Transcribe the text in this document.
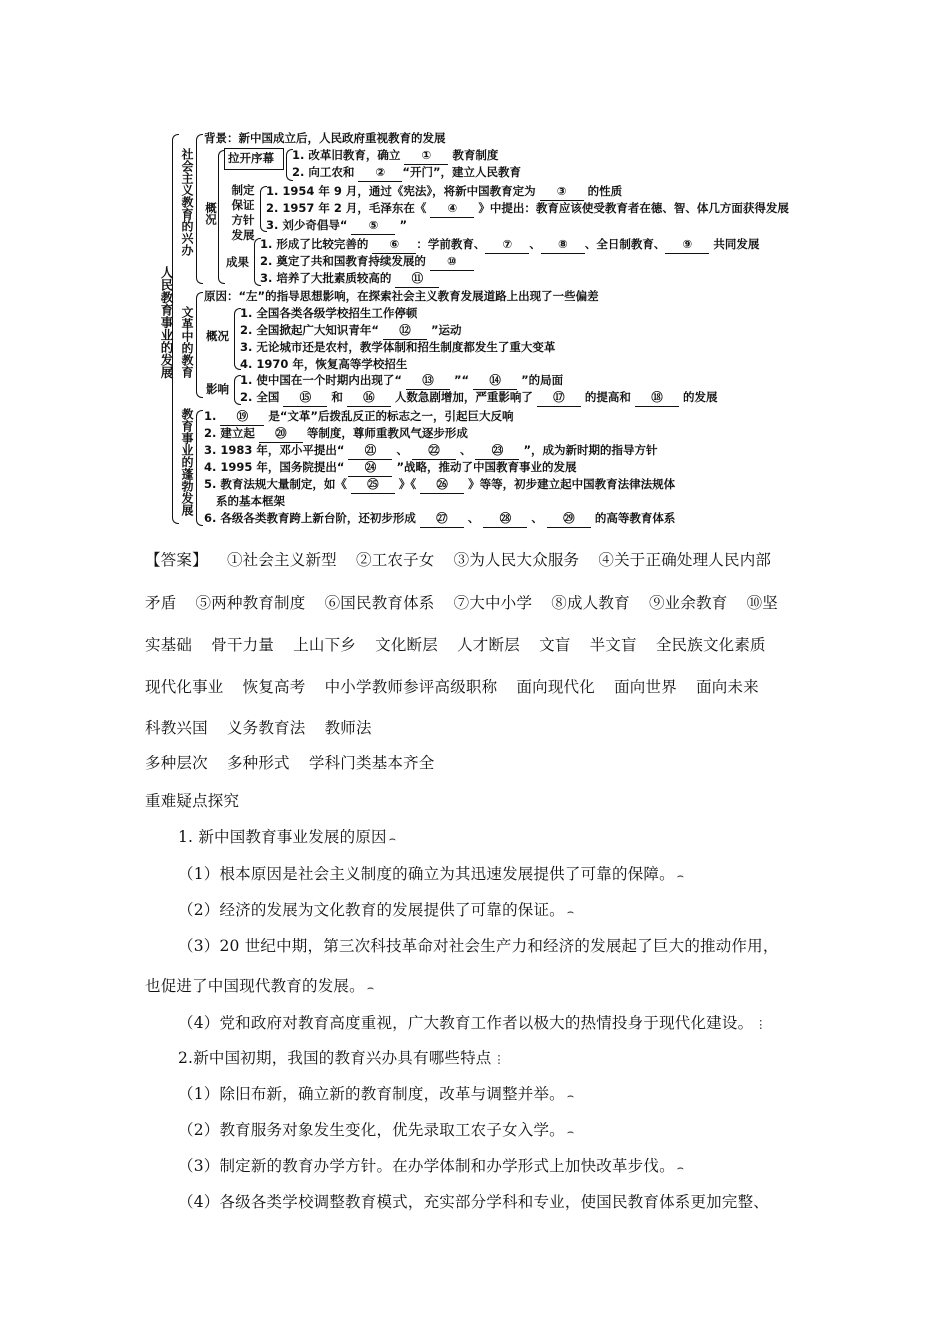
人民教育事业的发展
社会主义教育的兴办
背景：新中国成立后，人民政府重视教育的发展
概况
拉开序幕 1. 改革旧教育，确立 ① 教育制度
2. 向工农和 ②“开门”，建立人民教育
制定保证方针发展
1. 1954 年 9 月，通过《宪法》，将新中国教育定为 ③ 的性质
2. 1957 年 2 月，毛泽东在《 ④ 》中提出：教育应该使受教育者在德、智、体几方面获得发展
3. 刘少奇倡导“ ⑤ ”
成果
1. 形成了比较完善的 ⑥ ：学前教育、 ⑦ 、 ⑧ 、全日制教育、 ⑨ 共同发展
2. 奠定了共和国教育持续发展的 ⑩
3. 培养了大批素质较高的 ⑪
文革中的教育
原因：“左”的指导思想影响，在探索社会主义教育发展道路上出现了一些偏差
概况
1. 全国各类各级学校招生工作停顿
2. 全国掀起广大知识青年“ ⑫ ”运动
3. 无论城市还是农村，教学体制和招生制度都发生了重大变革
4. 1970 年，恢复高等学校招生
影响
1. 使中国在一个时期内出现了“ ⑬ ”“ ⑭ ”的局面
2. 全国 ⑮ 和 ⑯ 人数急剧增加，严重影响了 ⑰ 的提高和 ⑱ 的发展
教育事业的蓬勃发展 1. ⑲ 是“文革”后拨乱反正的标志之一，引起巨大反响
2. 建立起 ⑳ 等制度，尊师重教风气逐步形成
3. 1983 年，邓小平提出“ ㉑ 、 ㉒ 、 ㉓ ”，成为新时期的指导方针
4. 1995 年，国务院提出“ ㉔ ”战略，推动了中国教育事业的发展
5. 教育法规大量制定，如《 ㉕ 》《 ㉖ 》等等，初步建立起中国教育法律法规体
系的基本框架
6. 各级各类教育跨上新台阶，还初步形成 ㉗ 、 ㉘ 、 ㉙ 的高等教育体系
【答案】 ①社会主义新型 ②工农子女 ③为人民大众服务 ④关于正确处理人民内部
矛盾 ⑤两种教育制度 ⑥国民教育体系 ⑦大中小学 ⑧成人教育 ⑨业余教育 ⑩坚
实基础 骨干力量 上山下乡 文化断层 人才断层 文盲 半文盲 全民族文化素质
现代化事业 恢复高考 中小学教师参评高级职称 面向现代化 面向世界 面向未来
科教兴国 义务教育法 教师法
多种层次 多种形式 学科门类基本齐全
重难疑点探究
1. 新中国教育事业发展的原因 ⌢
（1）根本原因是社会主义制度的确立为其迅速发展提供了可靠的保障。 ⌢
（2）经济的发展为文化教育的发展提供了可靠的保证。 ⌢
（3）20 世纪中期，第三次科技革命对社会生产力和经济的发展起了巨大的推动作用，
也促进了中国现代教育的发展。 ⌢
（4）党和政府对教育高度重视，广大教育工作者以极大的热情投身于现代化建设。 ⋮
2.新中国初期，我国的教育兴办具有哪些特点 ⋮
（1）除旧布新，确立新的教育制度，改革与调整并举。 ⌢
（2）教育服务对象发生变化，优先录取工农子女入学。 ⌢
（3）制定新的教育办学方针。在办学体制和办学形式上加快改革步伐。 ⌢
（4）各级各类学校调整教育模式，充实部分学科和专业，使国民教育体系更加完整、
